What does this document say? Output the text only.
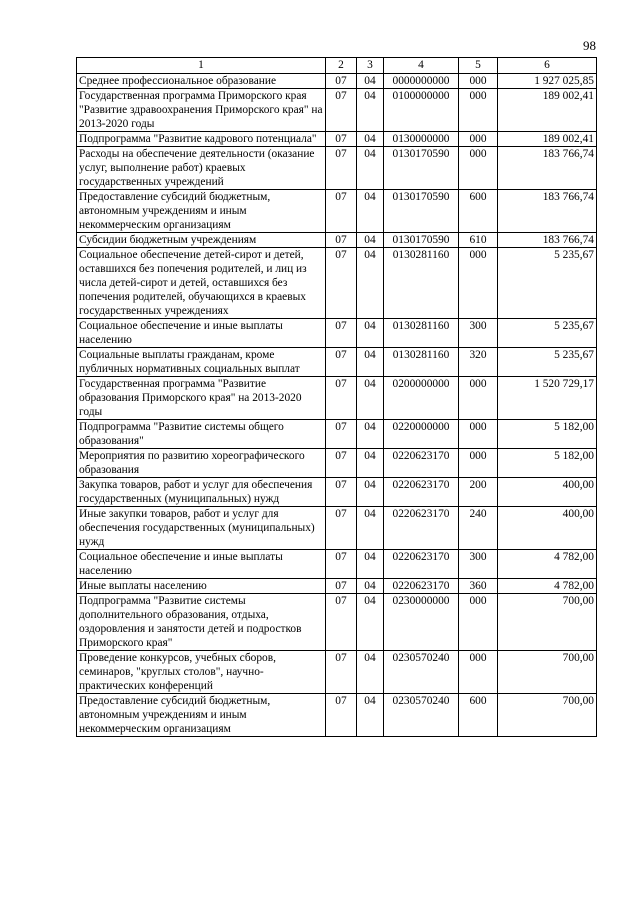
98
1	2	3	4	5	6
Среднее профессиональное образование	07	04	0000000000	000	1 927 025,85
Государственная программа Приморского края "Развитие здравоохранения Приморского края" на 2013-2020 годы	07	04	0100000000	000	189 002,41
Подпрограмма "Развитие кадрового потенциала"	07	04	0130000000	000	189 002,41
Расходы на обеспечение деятельности (оказание услуг, выполнение работ) краевых государственных учреждений	07	04	0130170590	000	183 766,74
Предоставление субсидий бюджетным, автономным учреждениям и иным некоммерческим организациям	07	04	0130170590	600	183 766,74
Субсидии бюджетным учреждениям	07	04	0130170590	610	183 766,74
Социальное обеспечение детей-сирот и детей, оставшихся без попечения родителей, и лиц из числа детей-сирот и детей, оставшихся без попечения родителей, обучающихся в краевых государственных учреждениях	07	04	0130281160	000	5 235,67
Социальное обеспечение и иные выплаты населению	07	04	0130281160	300	5 235,67
Социальные выплаты гражданам, кроме публичных нормативных социальных выплат	07	04	0130281160	320	5 235,67
Государственная программа "Развитие образования Приморского края" на 2013-2020 годы	07	04	0200000000	000	1 520 729,17
Подпрограмма "Развитие системы общего образования"	07	04	0220000000	000	5 182,00
Мероприятия по развитию хореографического образования	07	04	0220623170	000	5 182,00
Закупка товаров, работ и услуг для обеспечения государственных (муниципальных) нужд	07	04	0220623170	200	400,00
Иные закупки товаров, работ и услуг для обеспечения государственных (муниципальных) нужд	07	04	0220623170	240	400,00
Социальное обеспечение и иные выплаты населению	07	04	0220623170	300	4 782,00
Иные выплаты населению	07	04	0220623170	360	4 782,00
Подпрограмма "Развитие системы дополнительного образования, отдыха, оздоровления и занятости детей и подростков Приморского края"	07	04	0230000000	000	700,00
Проведение конкурсов, учебных сборов, семинаров, "круглых столов", научно-практических конференций	07	04	0230570240	000	700,00
Предоставление субсидий бюджетным, автономным учреждениям и иным некоммерческим организациям	07	04	0230570240	600	700,00
